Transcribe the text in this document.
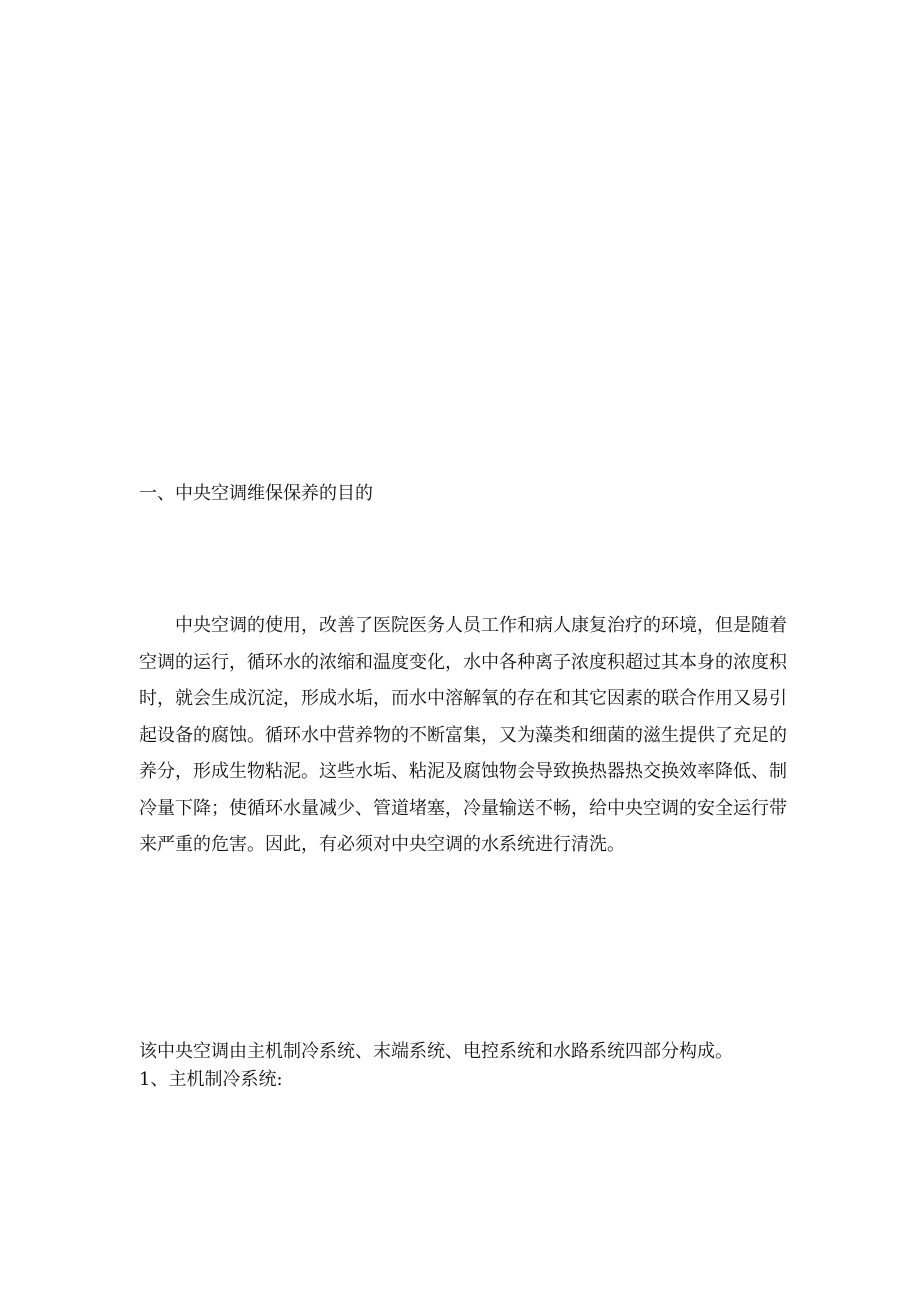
一、中央空调维保保养的目的

中央空调的使用，改善了医院医务人员工作和病人康复治疗的环境，但是随着空调的运行，循环水的浓缩和温度变化，水中各种离子浓度积超过其本身的浓度积时，就会生成沉淀，形成水垢，而水中溶解氧的存在和其它因素的联合作用又易引起设备的腐蚀。循环水中营养物的不断富集，又为藻类和细菌的滋生提供了充足的养分，形成生物粘泥。这些水垢、粘泥及腐蚀物会导致换热器热交换效率降低、制冷量下降；使循环水量减少、管道堵塞，冷量输送不畅，给中央空调的安全运行带来严重的危害。因此，有必须对中央空调的水系统进行清洗。

该中央空调由主机制冷系统、末端系统、电控系统和水路系统四部分构成。
1、主机制冷系统:
